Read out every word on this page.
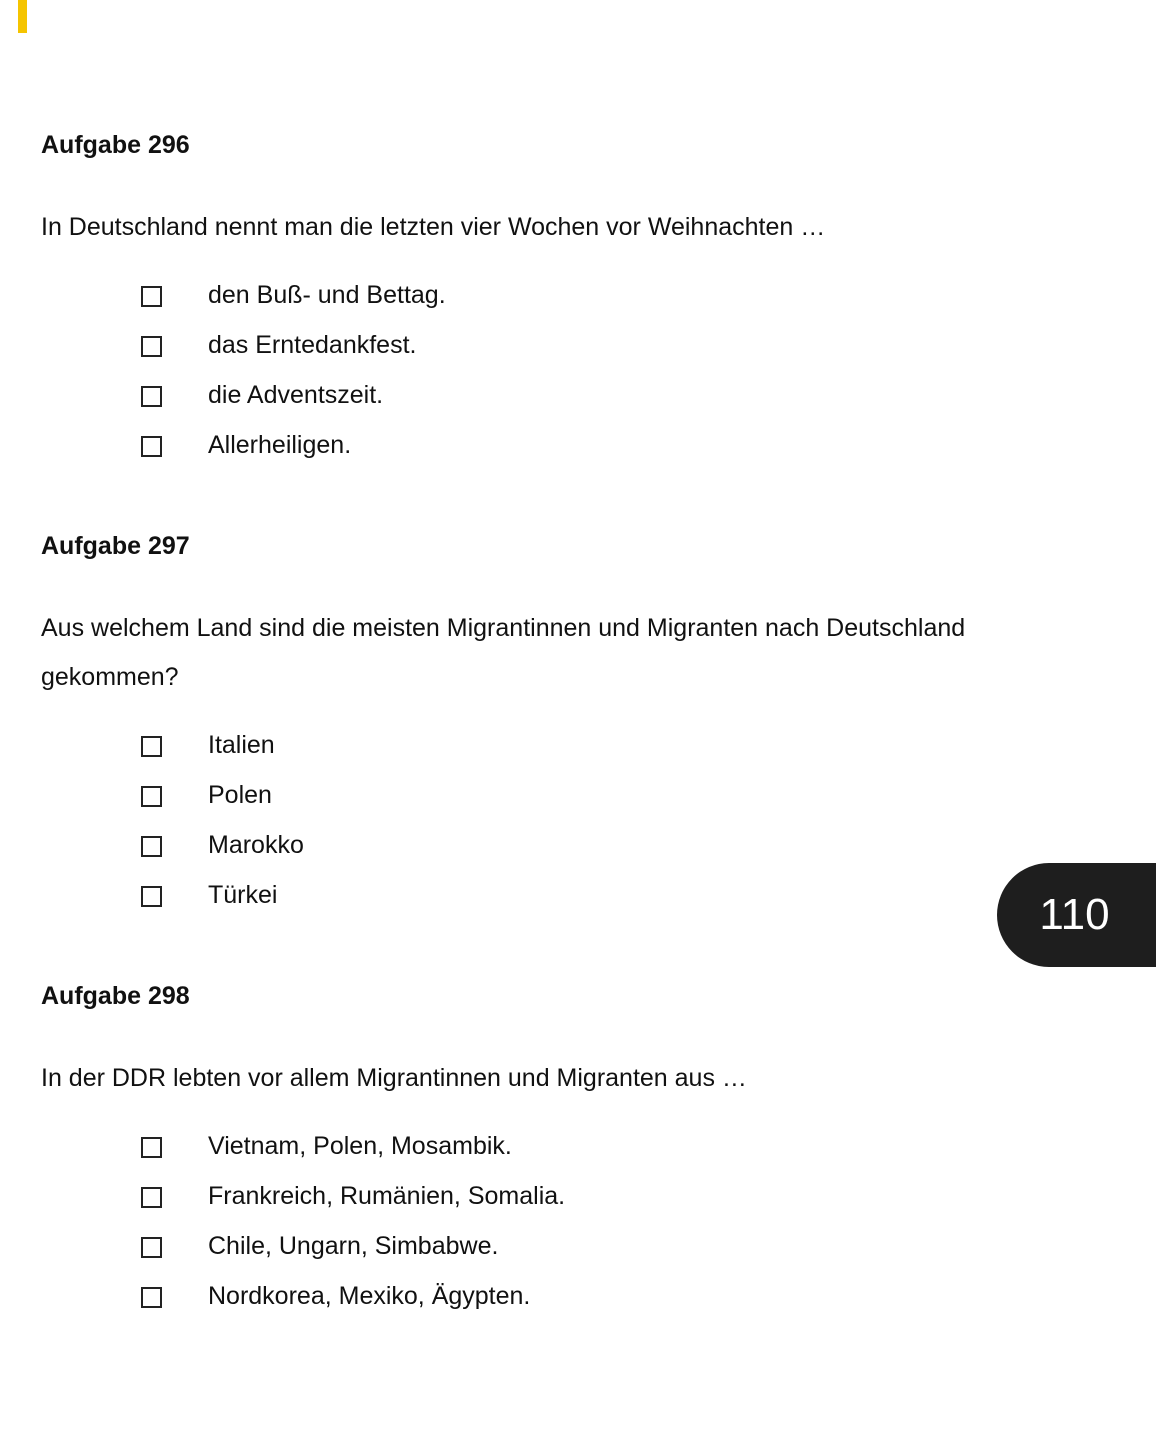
Aufgabe 296

In Deutschland nennt man die letzten vier Wochen vor Weihnachten …

den Buß- und Bettag.
das Erntedankfest.
die Adventszeit.
Allerheiligen.
Aufgabe 297

Aus welchem Land sind die meisten Migrantinnen und Migranten nach Deutschland gekommen?

Italien
Polen
Marokko
Türkei
Aufgabe 298

In der DDR lebten vor allem Migrantinnen und Migranten aus …

Vietnam, Polen, Mosambik.
Frankreich, Rumänien, Somalia.
Chile, Ungarn, Simbabwe.
Nordkorea, Mexiko, Ägypten.
110
